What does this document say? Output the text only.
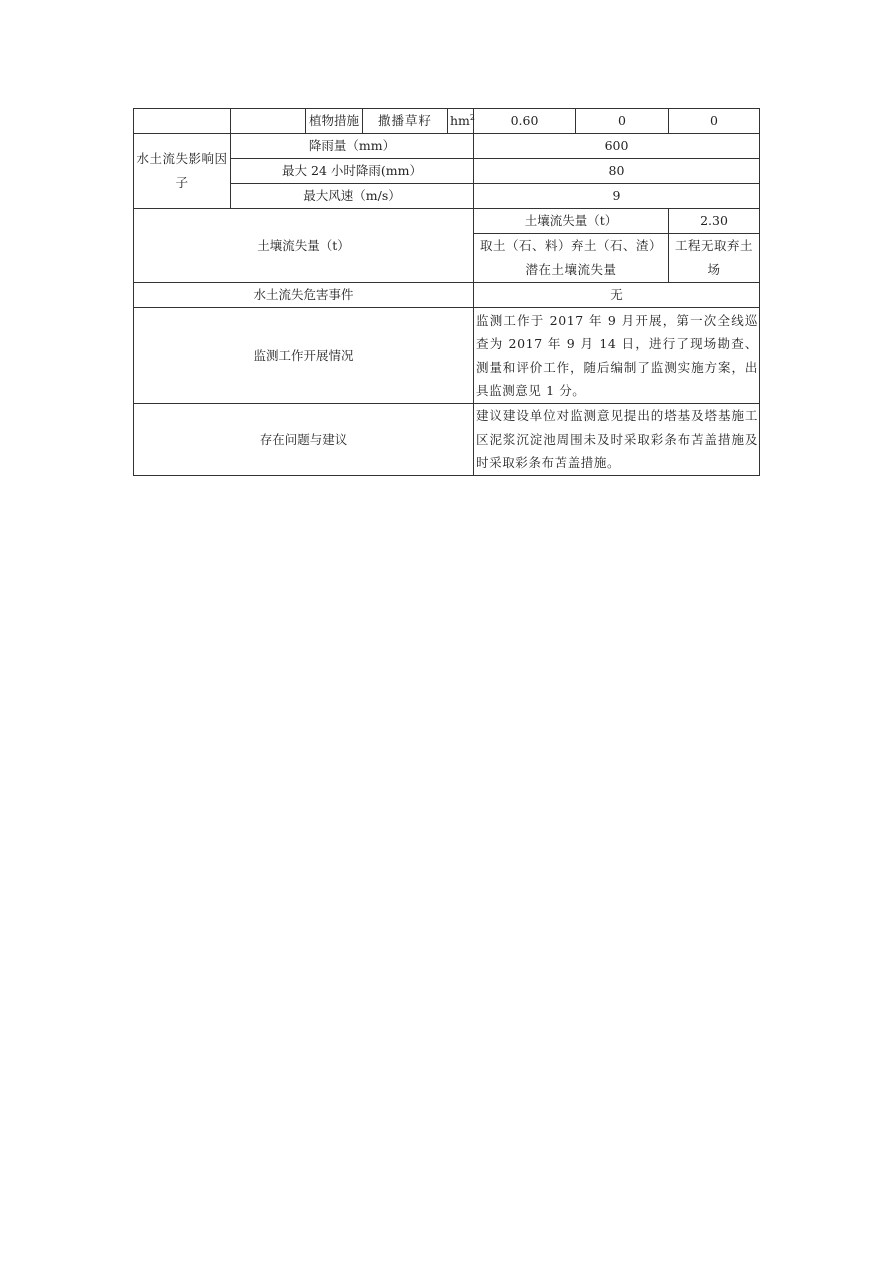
		植物措施	撒播草籽	$hm^2$	0.60	0	0
水土流失影响因子	降雨量（mm）				600		
	最大 24 小时降雨(mm）				80		
	最大风速（m/s）				9		
土壤流失量（t）					土壤流失量（t）		2.30
					取土（石、料）弃土（石、渣）潜在土壤流失量		工程无取弃土场
水土流失危害事件					无		
监测工作开展情况					监测工作于 2017 年 9 月开展，第一次全线巡查为 2017 年 9 月 14 日，进行了现场勘查、测量和评价工作，随后编制了监测实施方案，出具监测意见 1 分。		
存在问题与建议					建议建设单位对监测意见提出的塔基及塔基施工区泥浆沉淀池周围未及时采取彩条布苫盖措施及时采取彩条布苫盖措施。		
